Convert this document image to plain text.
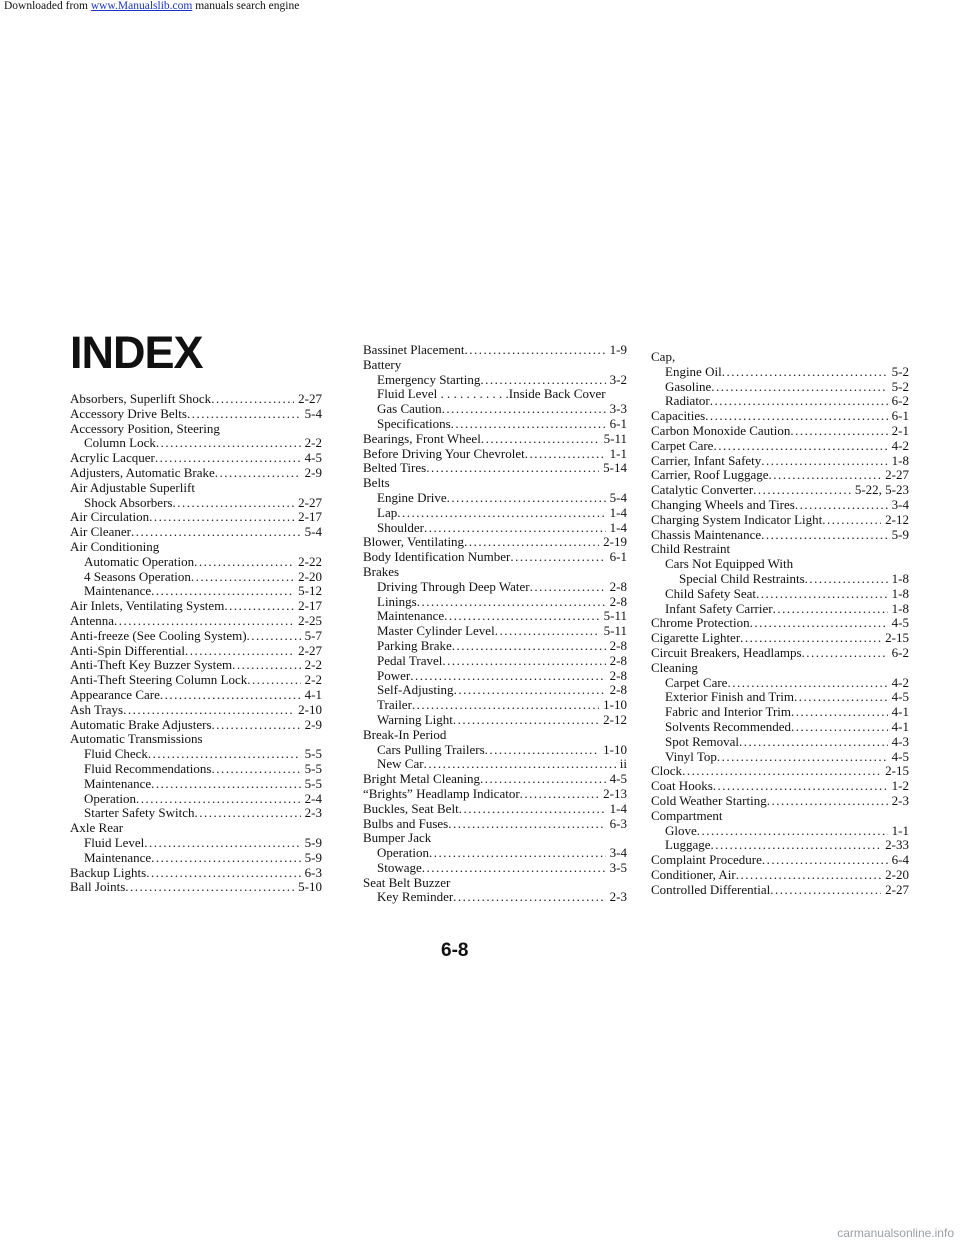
Downloaded from www.Manualslib.com manuals search engine
INDEX
Absorbers, Superlift Shock .....	2-27
Accessory Drive Belts .....	5-4
Accessory Position, Steering
Column Lock .....	2-2
Acrylic Lacquer .....	4-5
Adjusters, Automatic Brake .....	2-9
Air Adjustable Superlift
Shock Absorbers .....	2-27
Air Circulation .....	2-17
Air Cleaner .....	5-4
Air Conditioning
Automatic Operation .....	2-22
4 Seasons Operation .....	2-20
Maintenance .....	5-12
Air Inlets, Ventilating System .....	2-17
Antenna .....	2-25
Anti-freeze (See Cooling System) .....	5-7
Anti-Spin Differential .....	2-27
Anti-Theft Key Buzzer System .....	2-2
Anti-Theft Steering Column Lock .....	2-2
Appearance Care .....	4-1
Ash Trays .....	2-10
Automatic Brake Adjusters .....	2-9
Automatic Transmissions
Fluid Check .....	5-5
Fluid Recommendations .....	5-5
Maintenance .....	5-5
Operation .....	2-4
Starter Safety Switch .....	2-3
Axle Rear
Fluid Level .....	5-9
Maintenance .....	5-9
Backup Lights .....	6-3
Ball Joints .....	5-10
Bassinet Placement .....	1-9
Battery
Emergency Starting .....	3-2
Fluid Level . . . . . . . . . . .Inside Back Cover
Gas Caution .....	3-3
Specifications .....	6-1
Bearings, Front Wheel .....	5-11
Before Driving Your Chevrolet .....	1-1
Belted Tires .....	5-14
Belts
Engine Drive .....	5-4
Lap .....	1-4
Shoulder .....	1-4
Blower, Ventilating .....	2-19
Body Identification Number .....	6-1
Brakes
Driving Through Deep Water .....	2-8
Linings .....	2-8
Maintenance .....	5-11
Master Cylinder Level .....	5-11
Parking Brake .....	2-8
Pedal Travel .....	2-8
Power .....	2-8
Self-Adjusting .....	2-8
Trailer .....	1-10
Warning Light .....	2-12
Break-In Period
Cars Pulling Trailers .....	1-10
New Car .....	ii
Bright Metal Cleaning .....	4-5
“Brights” Headlamp Indicator .....	2-13
Buckles, Seat Belt .....	1-4
Bulbs and Fuses .....	6-3
Bumper Jack
Operation .....	3-4
Stowage .....	3-5
Seat Belt Buzzer
Key Reminder .....	2-3
Cap,
Engine Oil .....	5-2
Gasoline .....	5-2
Radiator .....	6-2
Capacities .....	6-1
Carbon Monoxide Caution .....	2-1
Carpet Care .....	4-2
Carrier, Infant Safety .....	1-8
Carrier, Roof Luggage .....	2-27
Catalytic Converter .....	5-22, 5-23
Changing Wheels and Tires .....	3-4
Charging System Indicator Light .....	2-12
Chassis Maintenance .....	5-9
Child Restraint
Cars Not Equipped With
Special Child Restraints .....	1-8
Child Safety Seat .....	1-8
Infant Safety Carrier .....	1-8
Chrome Protection .....	4-5
Cigarette Lighter .....	2-15
Circuit Breakers, Headlamps .....	6-2
Cleaning
Carpet Care .....	4-2
Exterior Finish and Trim .....	4-5
Fabric and Interior Trim .....	4-1
Solvents Recommended .....	4-1
Spot Removal .....	4-3
Vinyl Top .....	4-5
Clock .....	2-15
Coat Hooks .....	1-2
Cold Weather Starting .....	2-3
Compartment
Glove .....	1-1
Luggage .....	2-33
Complaint Procedure .....	6-4
Conditioner, Air .....	2-20
Controlled Differential .....	2-27
6-8
carmanualsonline.info
